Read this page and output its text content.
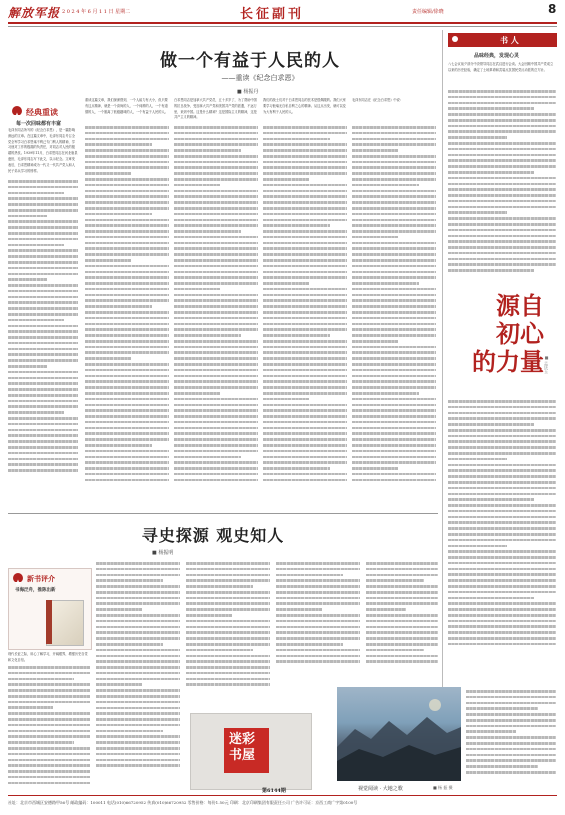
解放军报 2 0 2 4 年 6 月 1 1 日 星期二	长征副刊	责任编辑/徐晓	8
做一个有益于人民的人
——重读《纪念白求恩》
■ 杨振丹
经典重读
每一次回味都有丰富
毛泽东同志所写的《纪念白求恩》，是一篇影响深远的文章。在这篇文章中，毛泽东同志号召全党全军学习白求恩毫不利己专门利人的精神，学习他对工作的极端的负责任，对同志对人民的极端的热忱。1939年11月，白求恩同志在河北唐县逝世，毛泽东同志写下此文，以示纪念。文章发表后，白求恩精神成为一代又一代共产党人和人民子弟兵学习的榜样。
重读这篇文章，我们深深感到，一个人能力有大小，但只要有这点精神，就是一个高尚的人，一个纯粹的人，一个有道德的人，一个脱离了低级趣味的人，一个有益于人民的人。
白求恩同志是加拿大共产党员，五十多岁了，为了帮助中国的抗日战争，受加拿大共产党和美国共产党的派遣，不远万里，来到中国。这是什么精神？这是国际主义的精神，这是共产主义的精神。
我们的战士们对于白求恩同志的医术是很佩服的。我们大家要学习他毫无自私自利之心的精神。从这点出发，就可以变为大有利于人民的人。
毛泽东同志在《纪念白求恩》中说：
书 人
品味经典，发现心灵
八七会议前夕部分中央领导同志在武汉进行会谈。大会回顾中国共产党成立以来的历史经验，确定了土地革命和武装反抗国民党反动派的总方针。
源自
初心
的力量 ■ 孟庆玉
寻史探源 观史知人
■ 杨振明
新书评介
书海泛舟，推陈出新
现代长征之际，用心了解学习，开阔眼界，增强历史自觉和文化自信。
迷彩书屋
第6144期	视觉阅读 · 大地之歌	■ 杨 振 摄
社址：北京市西城区安德路甲56号 邮政编码：100011 电话(010)66720952 传真(010)66720952 零售价格：每份1.50元 印刷：北京印刷集团有限责任公司 广告许可证：京西工商广字第0100号
